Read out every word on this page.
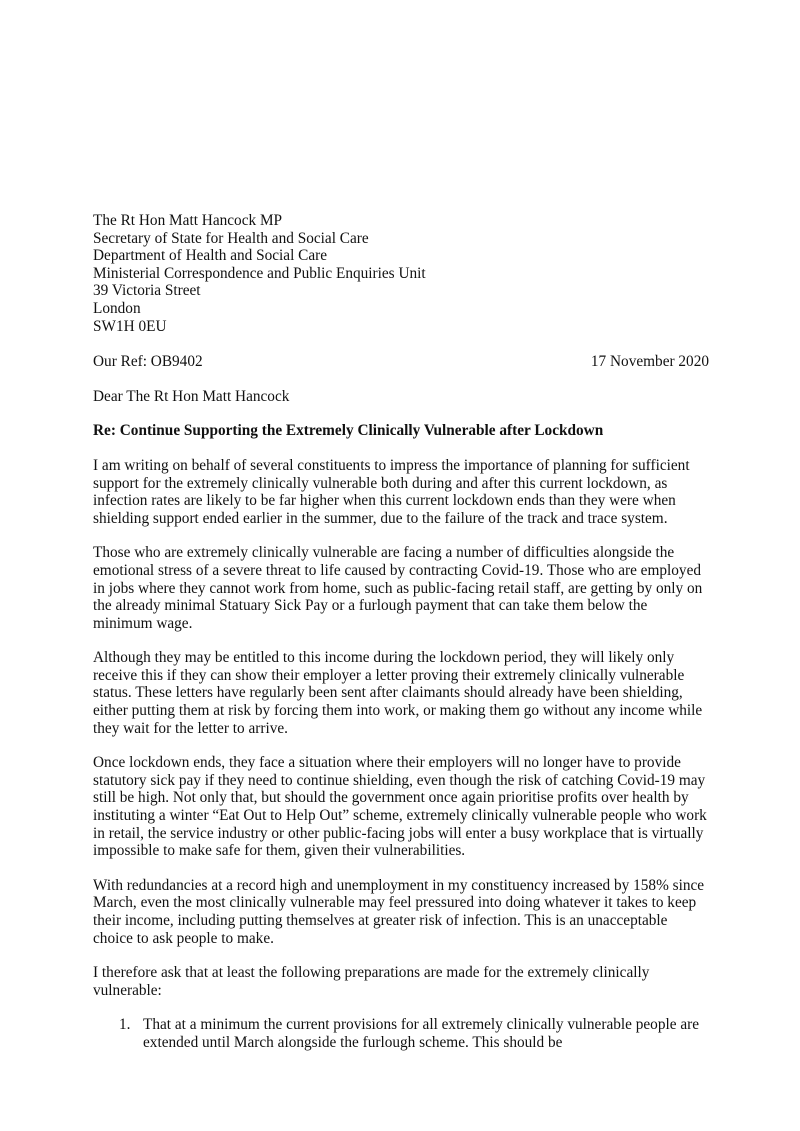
The Rt Hon Matt Hancock MP
Secretary of State for Health and Social Care
Department of Health and Social Care
Ministerial Correspondence and Public Enquiries Unit
39 Victoria Street
London
SW1H 0EU
Our Ref: OB9402	17 November 2020
Dear The Rt Hon Matt Hancock
Re: Continue Supporting the Extremely Clinically Vulnerable after Lockdown

I am writing on behalf of several constituents to impress the importance of planning for sufficient support for the extremely clinically vulnerable both during and after this current lockdown, as infection rates are likely to be far higher when this current lockdown ends than they were when shielding support ended earlier in the summer, due to the failure of the track and trace system.

Those who are extremely clinically vulnerable are facing a number of difficulties alongside the emotional stress of a severe threat to life caused by contracting Covid-19. Those who are employed in jobs where they cannot work from home, such as public-facing retail staff, are getting by only on the already minimal Statuary Sick Pay or a furlough payment that can take them below the minimum wage.

Although they may be entitled to this income during the lockdown period, they will likely only receive this if they can show their employer a letter proving their extremely clinically vulnerable status. These letters have regularly been sent after claimants should already have been shielding, either putting them at risk by forcing them into work, or making them go without any income while they wait for the letter to arrive.

Once lockdown ends, they face a situation where their employers will no longer have to provide statutory sick pay if they need to continue shielding, even though the risk of catching Covid-19 may still be high. Not only that, but should the government once again prioritise profits over health by instituting a winter “Eat Out to Help Out” scheme, extremely clinically vulnerable people who work in retail, the service industry or other public-facing jobs will enter a busy workplace that is virtually impossible to make safe for them, given their vulnerabilities.

With redundancies at a record high and unemployment in my constituency increased by 158% since March, even the most clinically vulnerable may feel pressured into doing whatever it takes to keep their income, including putting themselves at greater risk of infection. This is an unacceptable choice to ask people to make.

I therefore ask that at least the following preparations are made for the extremely clinically vulnerable:

1. That at a minimum the current provisions for all extremely clinically vulnerable people are extended until March alongside the furlough scheme. This should be
